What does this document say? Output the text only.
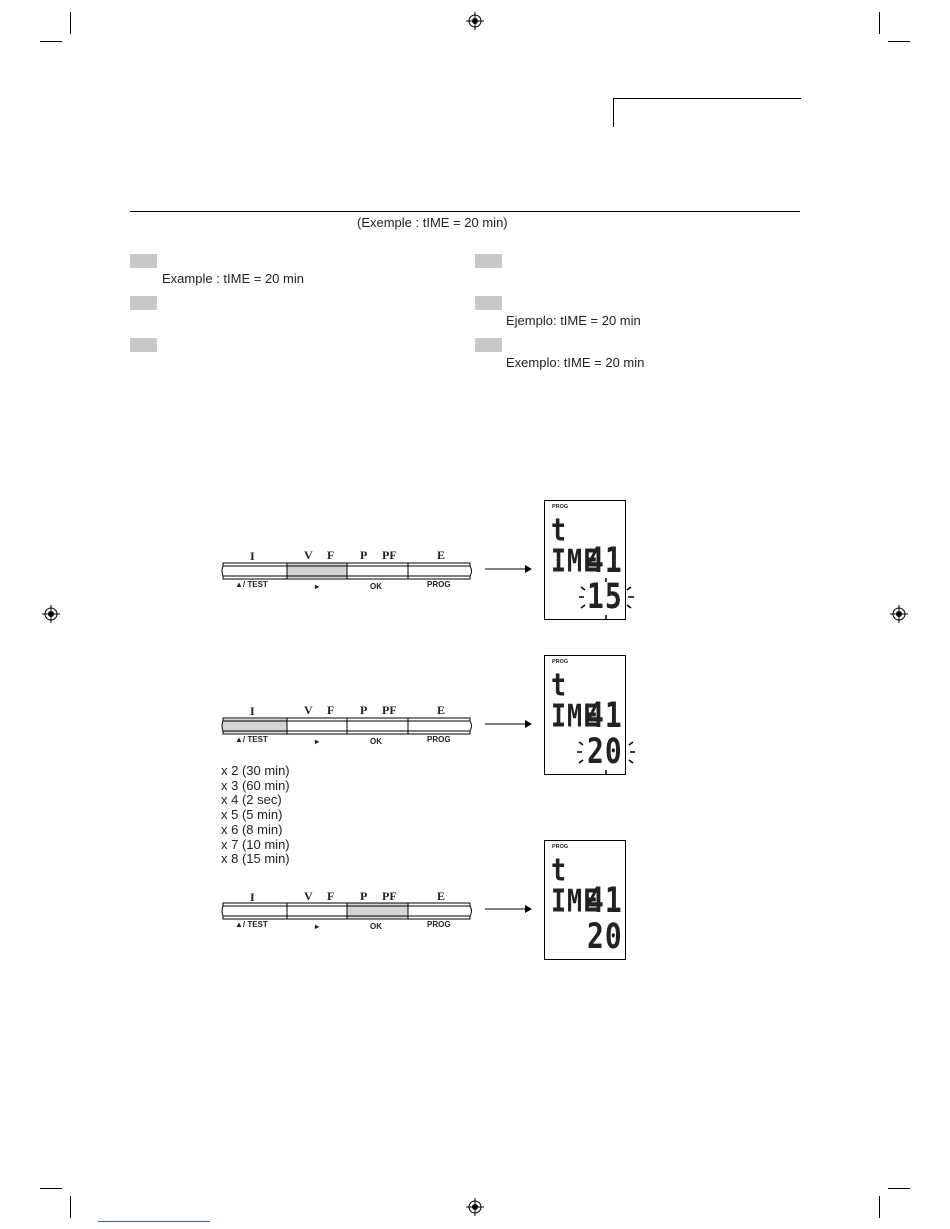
(Exemple : tIME = 20 min)
Example : tIME = 20 min
Ejemplo: tIME = 20 min
Exemplo: tIME = 20 min
I	V F P PF	E
▲/ TEST	▸	OK	PROG
PROG
t IME
41
15
I	V F P PF	E
▲/ TEST	▸	OK	PROG
PROG
t IME
41
20
x 2 (30 min)
x 3 (60 min)
x 4 (2 sec)
x 5 (5 min)
x 6 (8 min)
x 7 (10 min)
x 8 (15 min)
I	V F P PF	E
▲/ TEST	▸	OK	PROG
PROG
t IME
41
20
